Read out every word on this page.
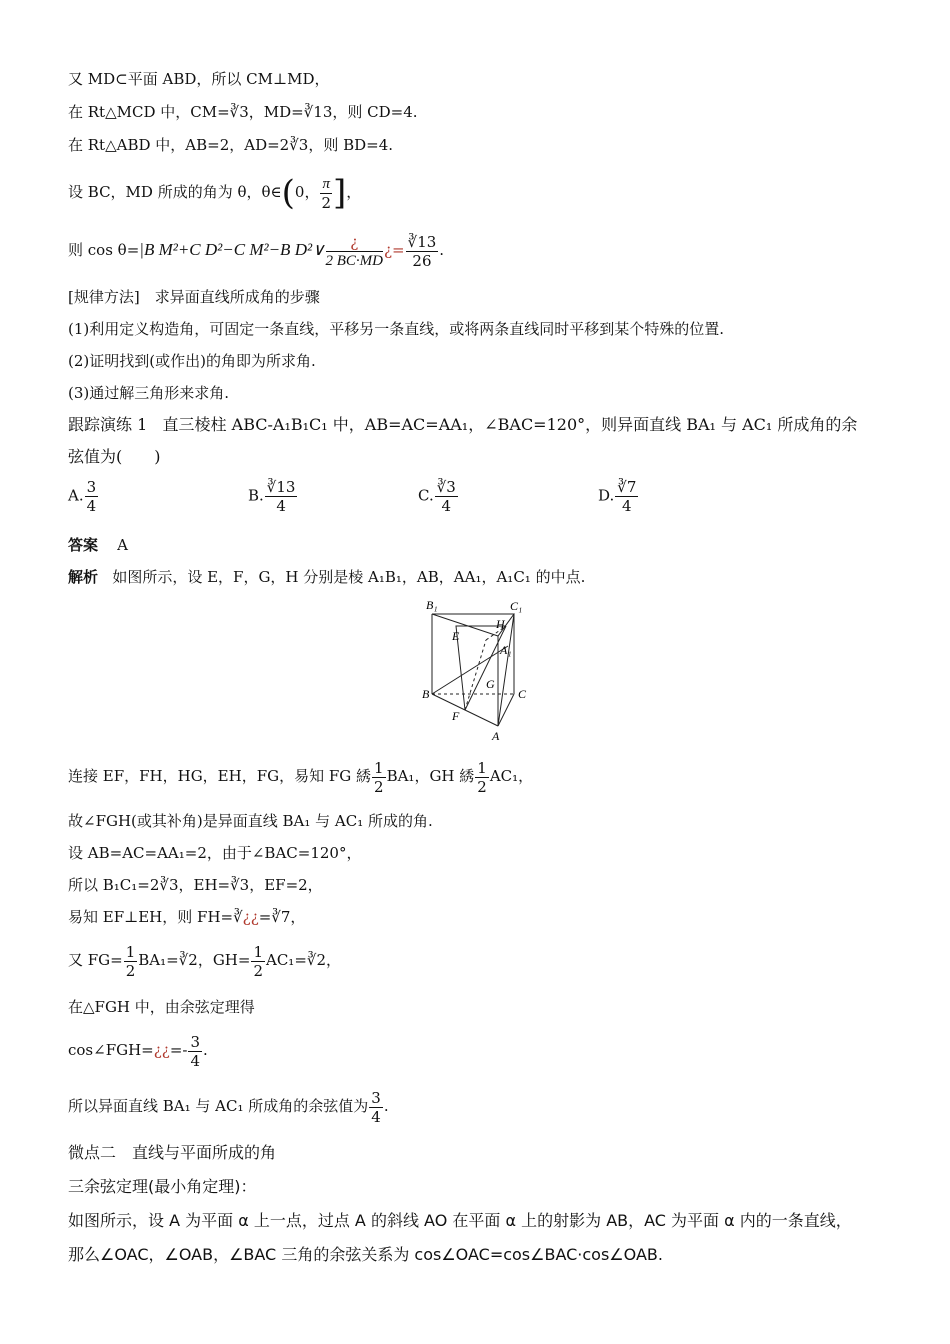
又 MD⊂平面 ABD，所以 CM⊥MD，
在 Rt△MCD 中，CM=∛3，MD=∛13，则 CD=4.
在 Rt△ABD 中，AB=2，AD=2∛3，则 BD=4.
设 BC，MD 所成的角为 θ，θ∈(0， $\frac{\pi}{2}$ ]，
则 cos θ=|B M²+C D²−C M²−B D²∨ $\frac{¿}{2 BC\cdot MD}$ ¿= $\frac{∛13}{26}$ .
[规律方法]　求异面直线所成角的步骤
(1)利用定义构造角，可固定一条直线，平移另一条直线，或将两条直线同时平移到某个特殊的位置.
(2)证明找到(或作出)的角即为所求角.
(3)通过解三角形来求角.
跟踪演练 1 直三棱柱 ABC-A₁B₁C₁ 中，AB=AC=AA₁，∠BAC=120°，则异面直线 BA₁ 与 AC₁ 所成角的余
弦值为(　　)
A. $\frac{3}{4}$	B. $\frac{∛13}{4}$	C. $\frac{∛3}{4}$	D. $\frac{∛7}{4}$
答案 A
解析 如图所示，设 E，F，G，H 分别是棱 A₁B₁，AB，AA₁，A₁C₁ 的中点.
B₁	C₁
E
H
A₁
G
B	C
F
A
连接 EF，FH，HG，EH，FG，易知 FG 綉 $\frac{1}{2} BA_1$，GH 綉 $\frac{1}{2} AC_1$，
故∠FGH(或其补角)是异面直线 BA₁ 与 AC₁ 所成的角.
设 AB=AC=AA₁=2，由于∠BAC=120°，
所以 B₁C₁=2∛3，EH=∛3，EF=2，
易知 EF⊥EH，则 FH=∛¿¿=∛7，
又 $FG= \frac{1}{2}$ BA₁=∛2，$GH= \frac{1}{2}$ AC₁=∛2，
在△FGH 中，由余弦定理得
cos∠FGH=¿¿=- $\frac{3}{4}$ .
所以异面直线 BA₁ 与 AC₁ 所成角的余弦值为 $\frac{3}{4}$ .
微点二　直线与平面所成的角
三余弦定理(最小角定理)：
如图所示，设 A 为平面 α 上一点，过点 A 的斜线 AO 在平面 α 上的射影为 AB，AC 为平面 α 内的一条直线，
那么∠OAC，∠OAB，∠BAC 三角的余弦关系为 cos∠OAC=cos∠BAC·cos∠OAB.
